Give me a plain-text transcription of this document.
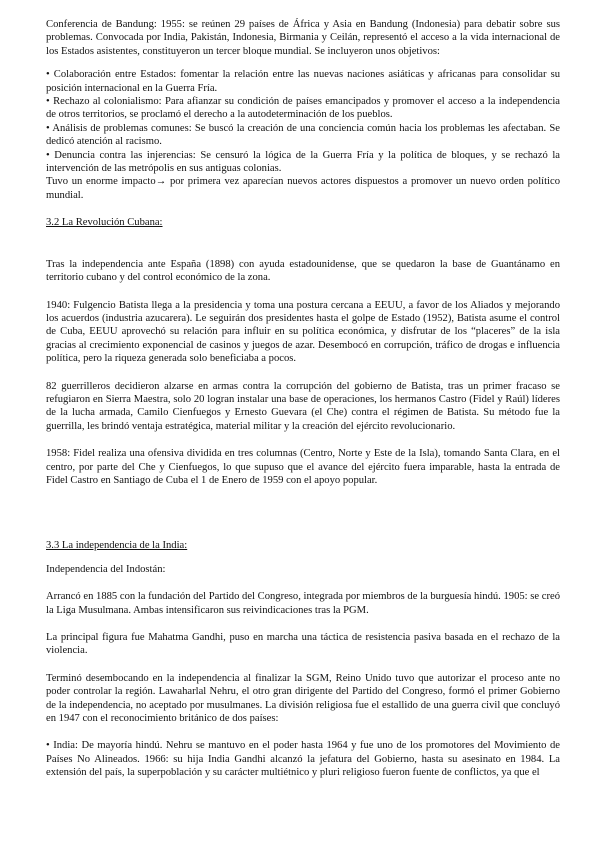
Conferencia de Bandung: 1955: se reúnen 29 países de África y Asia en Bandung (Indonesia) para debatir sobre sus problemas. Convocada por India, Pakistán, Indonesia, Birmania y Ceilán, representó el acceso a la vida internacional de los Estados asistentes, constituyeron un tercer bloque mundial. Se incluyeron unos objetivos:

• Colaboración entre Estados: fomentar la relación entre las nuevas naciones asiáticas y africanas para consolidar su posición internacional en la Guerra Fría.

• Rechazo al colonialismo: Para afianzar su condición de países emancipados y promover el acceso a la independencia de otros territorios, se proclamó el derecho a la autodeterminación de los pueblos.

• Análisis de problemas comunes: Se buscó la creación de una conciencia común hacia los problemas les afectaban. Se dedicó atención al racismo.

• Denuncia contra las injerencias: Se censuró la lógica de la Guerra Fría y la política de bloques, y se rechazó la intervención de las metrópolis en sus antiguas colonias.

Tuvo un enorme impacto→ por primera vez aparecían nuevos actores dispuestos a promover un nuevo orden político mundial.

3.2 La Revolución Cubana:

Tras la independencia ante España (1898) con ayuda estadounidense, que se quedaron la base de Guantánamo en territorio cubano y del control económico de la zona.

1940: Fulgencio Batista llega a la presidencia y toma una postura cercana a EEUU, a favor de los Aliados y mejorando los acuerdos (industria azucarera). Le seguirán dos presidentes hasta el golpe de Estado (1952), Batista asume el control de Cuba, EEUU aprovechó su relación para influir en su política económica, y disfrutar de los “placeres” de la isla gracias al crecimiento exponencial de casinos y juegos de azar. Desembocó en corrupción, tráfico de drogas e influencia política, pero la riqueza generada solo beneficiaba a pocos.

82 guerrilleros decidieron alzarse en armas contra la corrupción del gobierno de Batista, tras un primer fracaso se refugiaron en Sierra Maestra, solo 20 logran instalar una base de operaciones, los hermanos Castro (Fidel y Raúl) líderes de la lucha armada, Camilo Cienfuegos y Ernesto Guevara (el Che) contra el régimen de Batista. Su método fue la guerrilla, les brindó ventaja estratégica, material militar y la creación del ejército revolucionario.

1958: Fidel realiza una ofensiva dividida en tres columnas (Centro, Norte y Este de la Isla), tomando Santa Clara, en el centro, por parte del Che y Cienfuegos, lo que supuso que el avance del ejército fuera imparable, hasta la entrada de Fidel Castro en Santiago de Cuba el 1 de Enero de 1959 con el apoyo popular.

3.3 La independencia de la India:

Independencia del Indostán:

Arrancó en 1885 con la fundación del Partido del Congreso, integrada por miembros de la burguesía hindú. 1905: se creó la Liga Musulmana. Ambas intensificaron sus reivindicaciones tras la PGM.

La principal figura fue Mahatma Gandhi, puso en marcha una táctica de resistencia pasiva basada en el rechazo de la violencia.

Terminó desembocando en la independencia al finalizar la SGM, Reino Unido tuvo que autorizar el proceso ante no poder controlar la región. Lawaharlal Nehru, el otro gran dirigente del Partido del Congreso, formó el primer Gobierno de la independencia, no aceptado por musulmanes. La división religiosa fue el estallido de una guerra civil que concluyó en 1947 con el reconocimiento británico de dos países:

• India: De mayoría hindú. Nehru se mantuvo en el poder hasta 1964 y fue uno de los promotores del Movimiento de Países No Alineados. 1966: su hija India Gandhi alcanzó la jefatura del Gobierno, hasta su asesinato en 1984. La extensión del país, la superpoblación y su carácter multiétnico y pluri religioso fueron fuente de conflictos, ya que el
